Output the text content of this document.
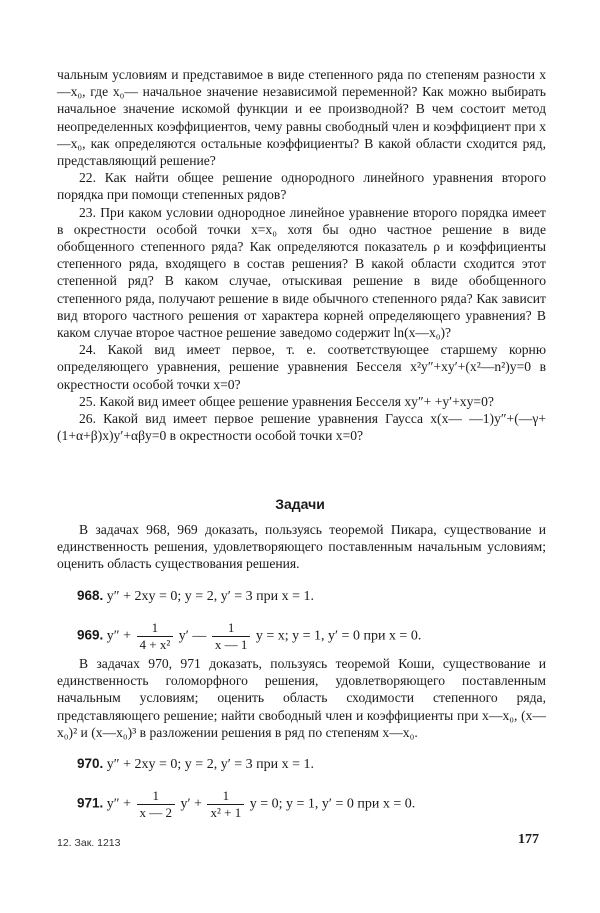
чальным условиям и представимое в виде степенного ряда по степеням разности x—x₀, где x₀— начальное значение независимой переменной? Как можно выбирать начальное значение искомой функции и ее производной? В чем состоит метод неопределенных коэффициентов, чему равны свободный член и коэффициент при x—x₀, как определяются остальные коэффициенты? В какой области сходится ряд, представляющий решение?

22. Как найти общее решение однородного линейного уравнения второго порядка при помощи степенных рядов?

23. При каком условии однородное линейное уравнение второго порядка имеет в окрестности особой точки x=x₀ хотя бы одно частное решение в виде обобщенного степенного ряда? Как определяются показатель ρ и коэффициенты степенного ряда, входящего в состав решения? В какой области сходится этот степенной ряд? В каком случае, отыскивая решение в виде обобщенного степенного ряда, получают решение в виде обычного степенного ряда? Как зависит вид второго частного решения от характера корней определяющего уравнения? В каком случае второе частное решение заведомо содержит ln(x—x₀)?

24. Какой вид имеет первое, т. е. соответствующее старшему корню определяющего уравнения, решение уравнения Бесселя x²y″+xy′+(x²—n²)y=0 в окрестности особой точки x=0?

25. Какой вид имеет общее решение уравнения Бесселя xy″+ +y′+xy=0?

26. Какой вид имеет первое решение уравнения Гаусса x(x— —1)y″+(—γ+(1+α+β)x)y′+αβy=0 в окрестности особой точки x=0?

Задачи

В задачах 968, 969 доказать, пользуясь теоремой Пикара, существование и единственность решения, удовлетворяющего поставленным начальным условиям; оценить область существования решения.

968. y″ + 2xy = 0; y = 2, y′ = 3 при x = 1.
969. $y'' + \frac{1}{\text{4 + x²}} y'$ — $\frac{1}{x — 1}$ y = x; y = 1, y′ = 0 при x = 0.

В задачах 970, 971 доказать, пользуясь теоремой Коши, существование и единственность голоморфного решения, удовлетворяющего поставленным начальным условиям; оценить область сходимости степенного ряда, представляющего решение; найти свободный член и коэффициенты при x—x₀, (x—x₀)² и (x—x₀)³ в разложении решения в ряд по степеням x—x₀.

970. y″ + 2xy = 0; y = 2, y′ = 3 при x = 1.
971. $y'' + \frac{1}{x — 2} y' + \frac{1}{\text{x² + 1}}$ y = 0; y = 1, y′ = 0 при x = 0.
12. Зак. 1213	177
